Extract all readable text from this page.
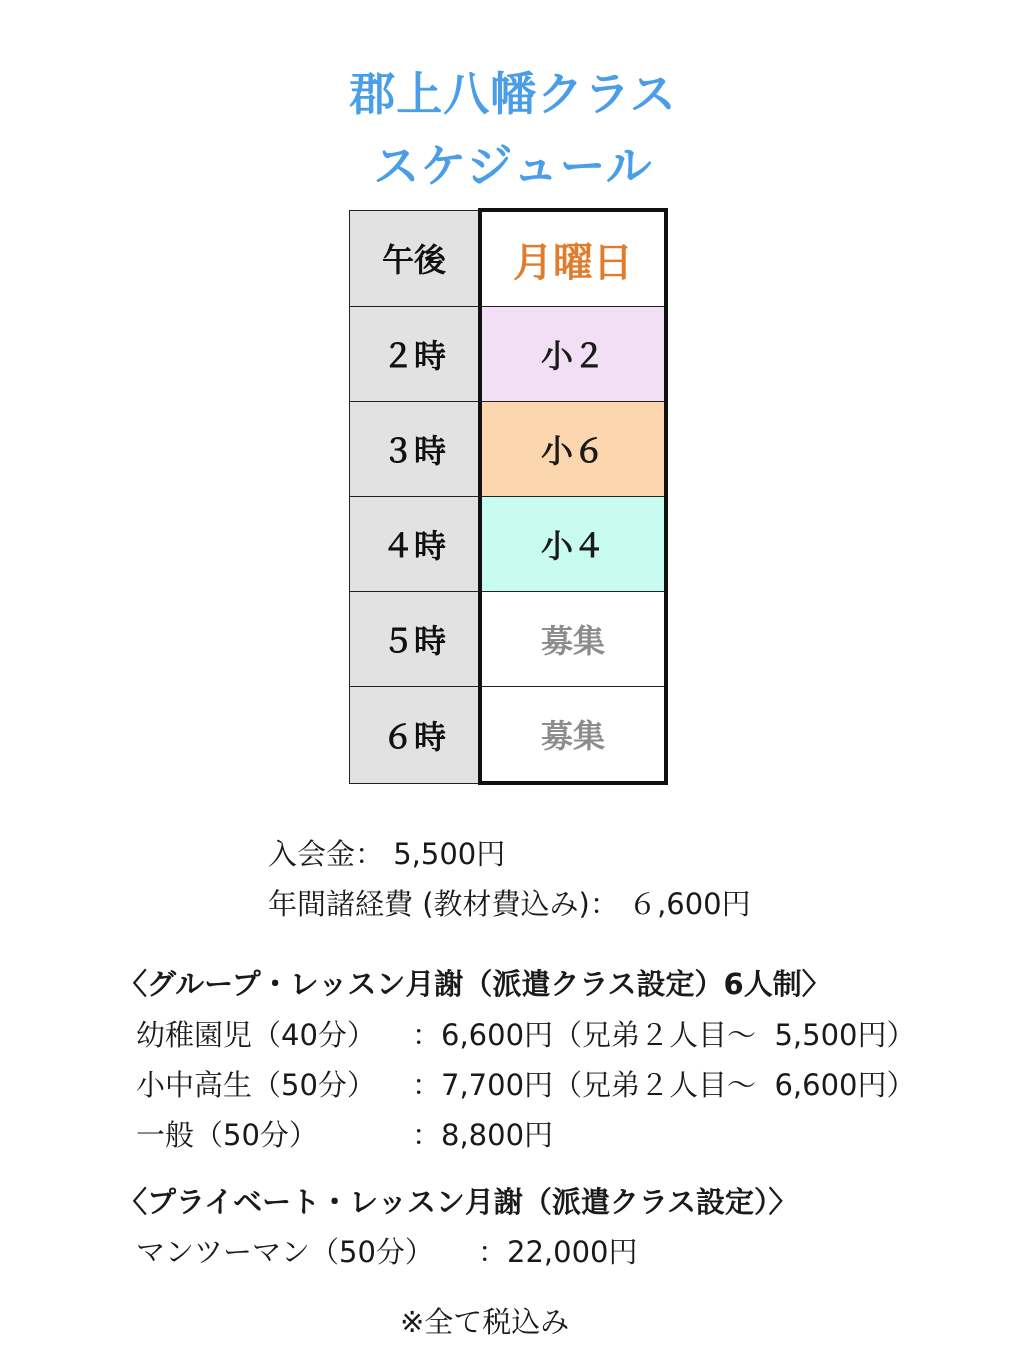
郡上八幡クラス
スケジュール
午後	月曜日
２時	小２
３時	小６
４時	小４
５時	募集
６時	募集
入会金： 5,500円
年間諸経費 (教材費込み)： ６,600円
〈グループ・レッスン月謝（派遣クラス設定）6人制〉
幼稚園児（40分） ：6,600円（兄弟２人目～  5,500円）
小中高生（50分） ：7,700円（兄弟２人目～  6,600円）
一般（50分）	：8,800円
〈プライベート・レッスン月謝（派遣クラス設定）〉
マンツーマン（50分） ：22,000円
※全て税込み
